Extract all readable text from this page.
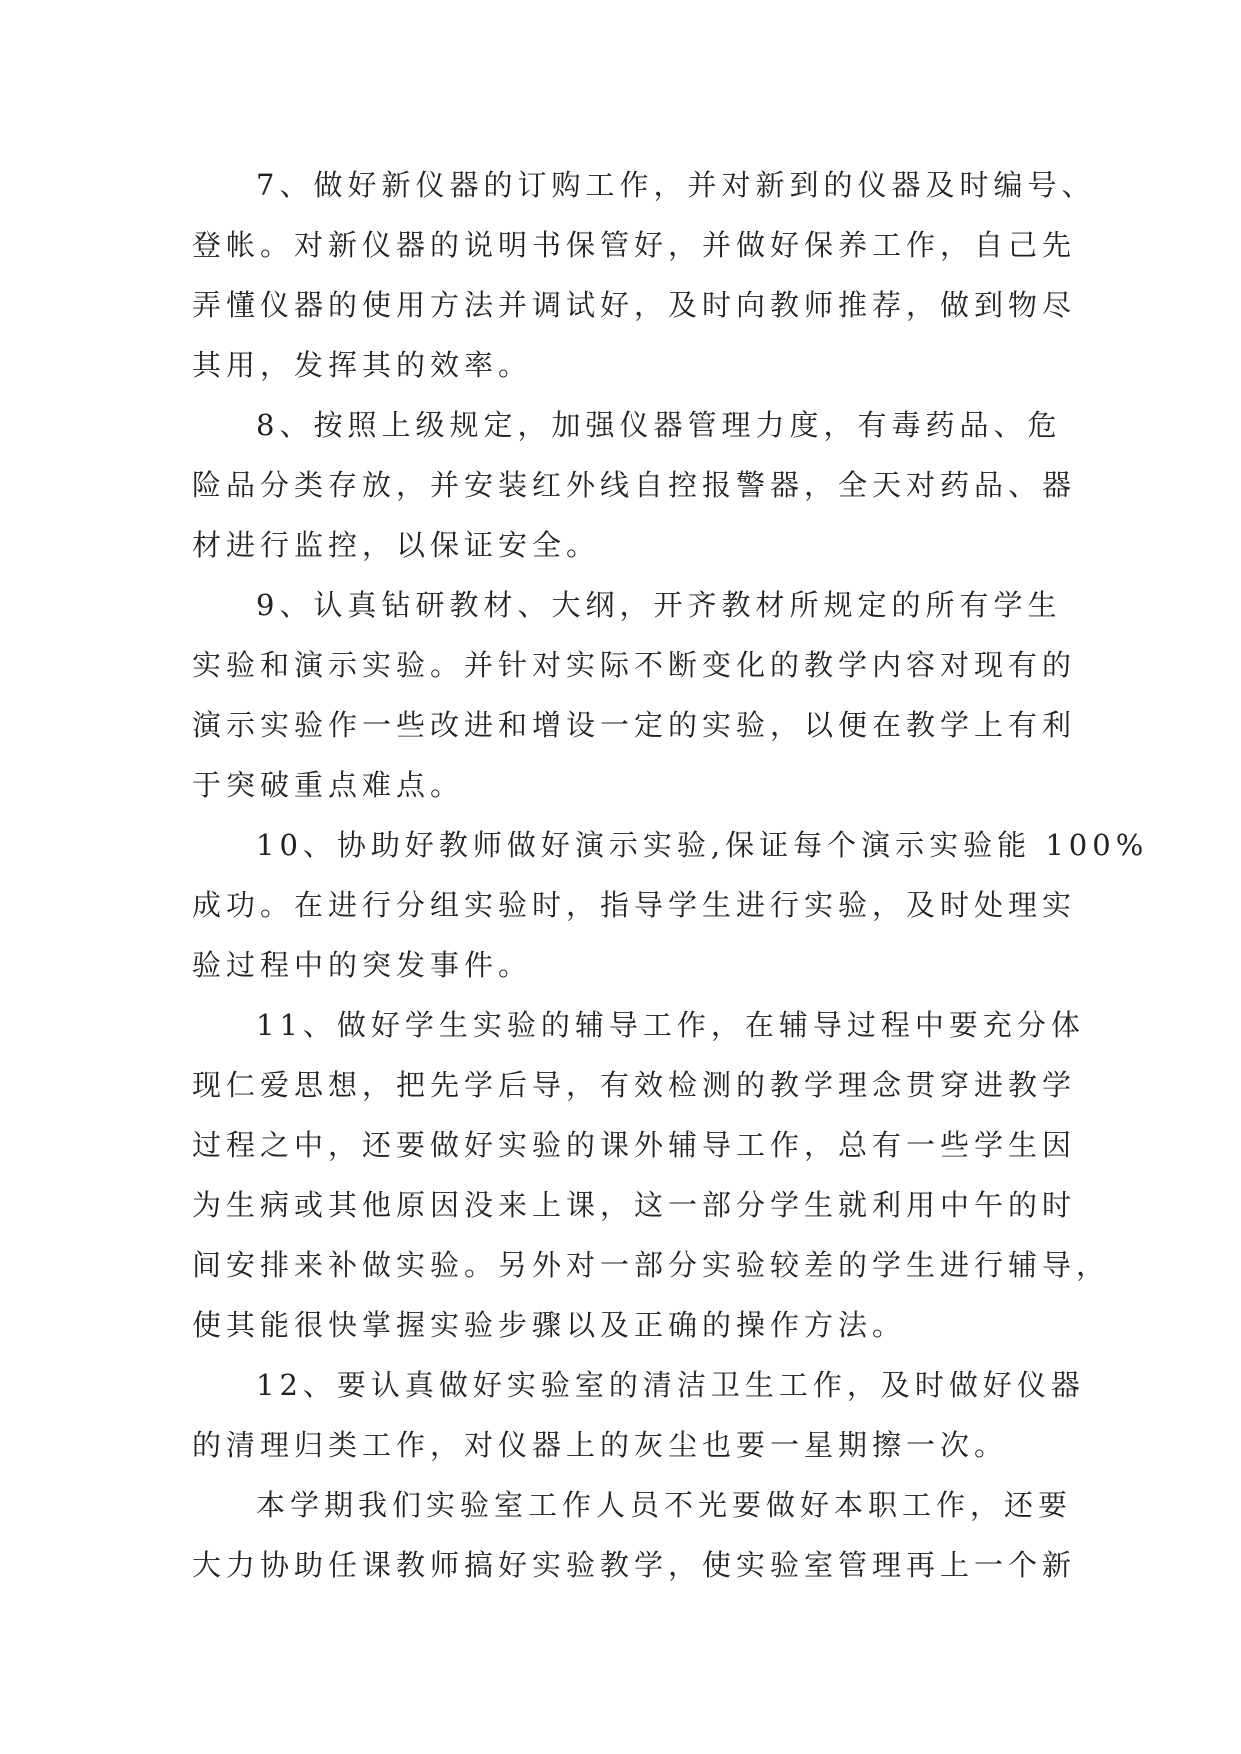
7、做好新仪器的订购工作，并对新到的仪器及时编号、
登帐。对新仪器的说明书保管好，并做好保养工作，自己先
弄懂仪器的使用方法并调试好，及时向教师推荐，做到物尽
其用，发挥其的效率。
8、按照上级规定，加强仪器管理力度，有毒药品、危
险品分类存放，并安装红外线自控报警器，全天对药品、器
材进行监控，以保证安全。
9、认真钻研教材、大纲，开齐教材所规定的所有学生
实验和演示实验。并针对实际不断变化的教学内容对现有的
演示实验作一些改进和增设一定的实验，以便在教学上有利
于突破重点难点。
10、协助好教师做好演示实验,保证每个演示实验能 100%
成功。在进行分组实验时，指导学生进行实验，及时处理实
验过程中的突发事件。
11、做好学生实验的辅导工作，在辅导过程中要充分体
现仁爱思想，把先学后导，有效检测的教学理念贯穿进教学
过程之中，还要做好实验的课外辅导工作，总有一些学生因
为生病或其他原因没来上课，这一部分学生就利用中午的时
间安排来补做实验。另外对一部分实验较差的学生进行辅导，
使其能很快掌握实验步骤以及正确的操作方法。
12、要认真做好实验室的清洁卫生工作，及时做好仪器
的清理归类工作，对仪器上的灰尘也要一星期擦一次。
本学期我们实验室工作人员不光要做好本职工作，还要
大力协助任课教师搞好实验教学，使实验室管理再上一个新
